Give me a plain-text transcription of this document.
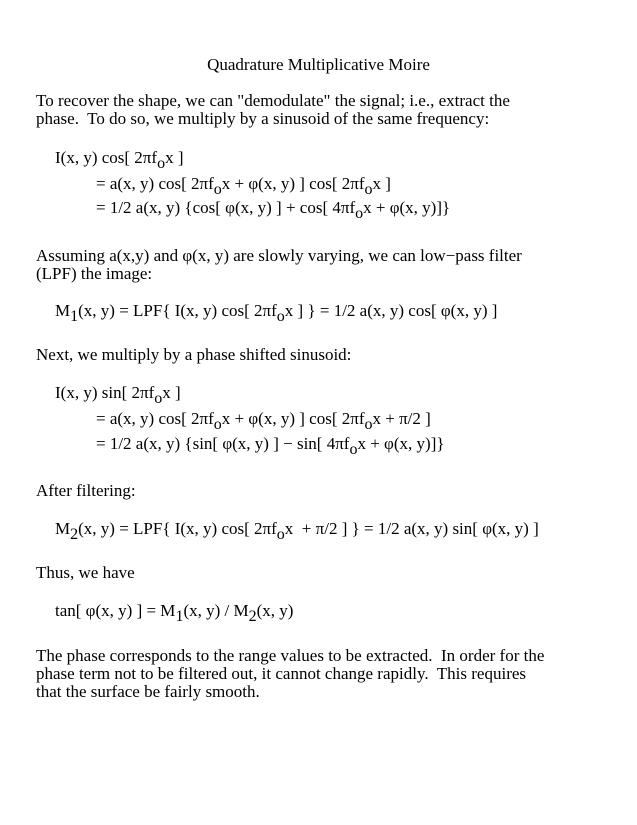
Quadrature Multiplicative Moire
To recover the shape, we can "demodulate" the signal; i.e., extract the
phase.  To do so, we multiply by a sinusoid of the same frequency:
I(x, y) cos[ 2πfox ]
= a(x, y) cos[ 2πfox + φ(x, y) ] cos[ 2πfox ]
= 1/2 a(x, y) {cos[ φ(x, y) ] + cos[ 4πfox + φ(x, y)]}
Assuming a(x,y) and φ(x, y) are slowly varying, we can low−pass filter
(LPF) the image:
M1(x, y) = LPF{ I(x, y) cos[ 2πfox ] } = 1/2 a(x, y) cos[ φ(x, y) ]
Next, we multiply by a phase shifted sinusoid:
I(x, y) sin[ 2πfox ]
= a(x, y) cos[ 2πfox + φ(x, y) ] cos[ 2πfox + π/2 ]
= 1/2 a(x, y) {sin[ φ(x, y) ] − sin[ 4πfox + φ(x, y)]}
After filtering:
M2(x, y) = LPF{ I(x, y) cos[ 2πfox  + π/2 ] } = 1/2 a(x, y) sin[ φ(x, y) ]
Thus, we have
tan[ φ(x, y) ] = M1(x, y) / M2(x, y)
The phase corresponds to the range values to be extracted.  In order for the
phase term not to be filtered out, it cannot change rapidly.  This requires
that the surface be fairly smooth.
